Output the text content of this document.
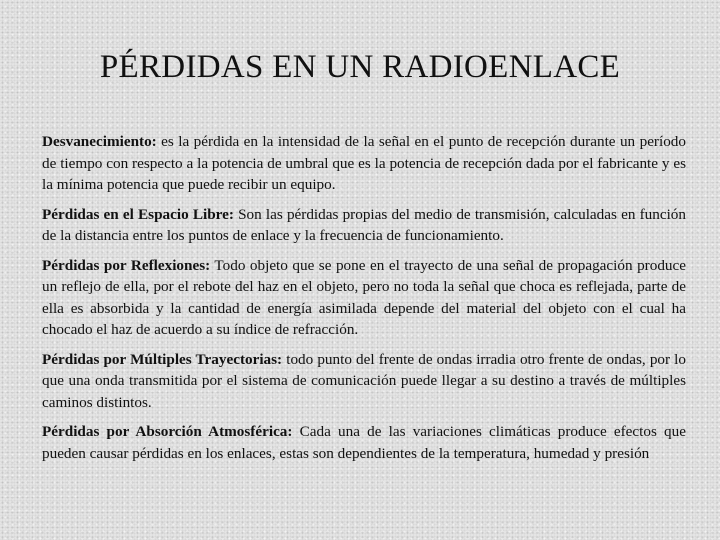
PÉRDIDAS EN UN RADIOENLACE

Desvanecimiento: es la pérdida en la intensidad de la señal en el punto de recepción durante un período de tiempo con respecto a la potencia de umbral que es la potencia de recepción dada por el fabricante y es la mínima potencia que puede recibir un equipo.

Pérdidas en el Espacio Libre: Son las pérdidas propias del medio de transmisión, calculadas en función de la distancia entre los puntos de enlace y la frecuencia de funcionamiento.

Pérdidas por Reflexiones: Todo objeto que se pone en el trayecto de una señal de propagación produce un reflejo de ella, por el rebote del haz en el objeto, pero no toda la señal que choca es reflejada, parte de ella es absorbida y la cantidad de energía asimilada depende del material del objeto con el cual ha chocado el haz de acuerdo a su índice de refracción.

Pérdidas por Múltiples Trayectorias: todo punto del frente de ondas irradia otro frente de ondas, por lo que una onda transmitida por el sistema de comunicación puede llegar a su destino a través de múltiples caminos distintos.

Pérdidas por Absorción Atmosférica: Cada una de las variaciones climáticas produce efectos que pueden causar pérdidas en los enlaces, estas son dependientes de la temperatura, humedad y presión
